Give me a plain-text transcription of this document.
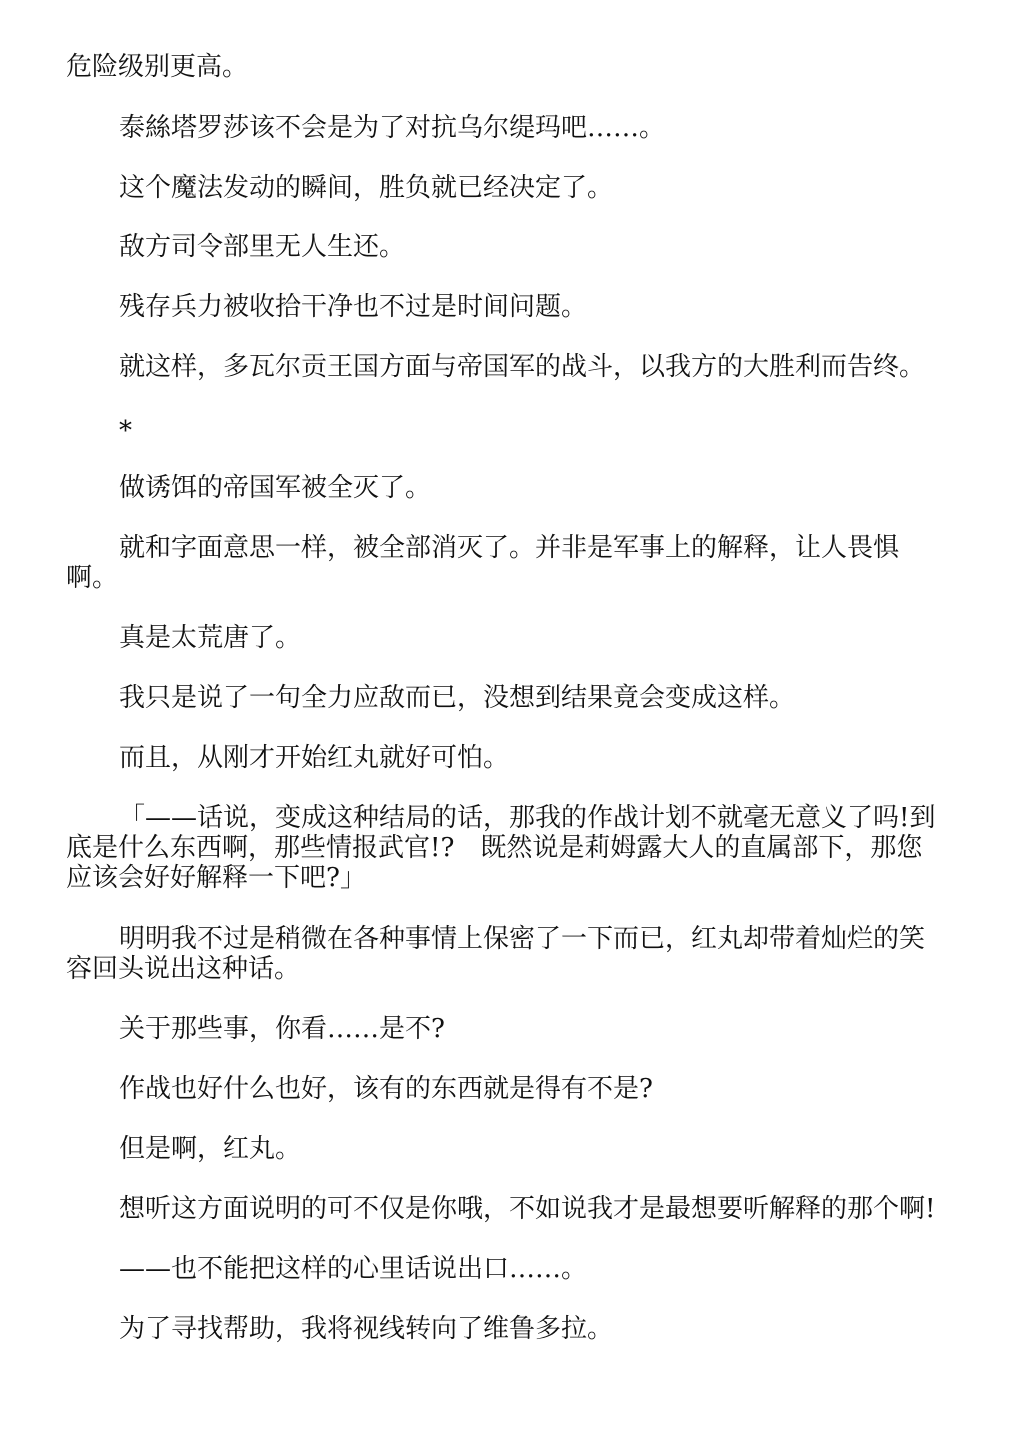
危险级别更高。

泰絲塔罗莎该不会是为了对抗乌尔缇玛吧……。

这个魔法发动的瞬间，胜负就已经决定了。

敌方司令部里无人生还。

残存兵力被收拾干净也不过是时间问题。

就这样，多瓦尔贡王国方面与帝国军的战斗，以我方的大胜利而告终。

*

做诱饵的帝国军被全灭了。

就和字面意思一样，被全部消灭了。并非是军事上的解释，让人畏惧啊。

真是太荒唐了。

我只是说了一句全力应敌而已，没想到结果竟会变成这样。

而且，从刚才开始红丸就好可怕。

「——话说，变成这种结局的话，那我的作战计划不就毫无意义了吗!到底是什么东西啊，那些情报武官!?　既然说是莉姆露大人的直属部下，那您应该会好好解释一下吧?」

明明我不过是稍微在各种事情上保密了一下而已，红丸却带着灿烂的笑容回头说出这种话。

关于那些事，你看……是不?

作战也好什么也好，该有的东西就是得有不是?

但是啊，红丸。

想听这方面说明的可不仅是你哦，不如说我才是最想要听解释的那个啊!

——也不能把这样的心里话说出口……。

为了寻找帮助，我将视线转向了维鲁多拉。
